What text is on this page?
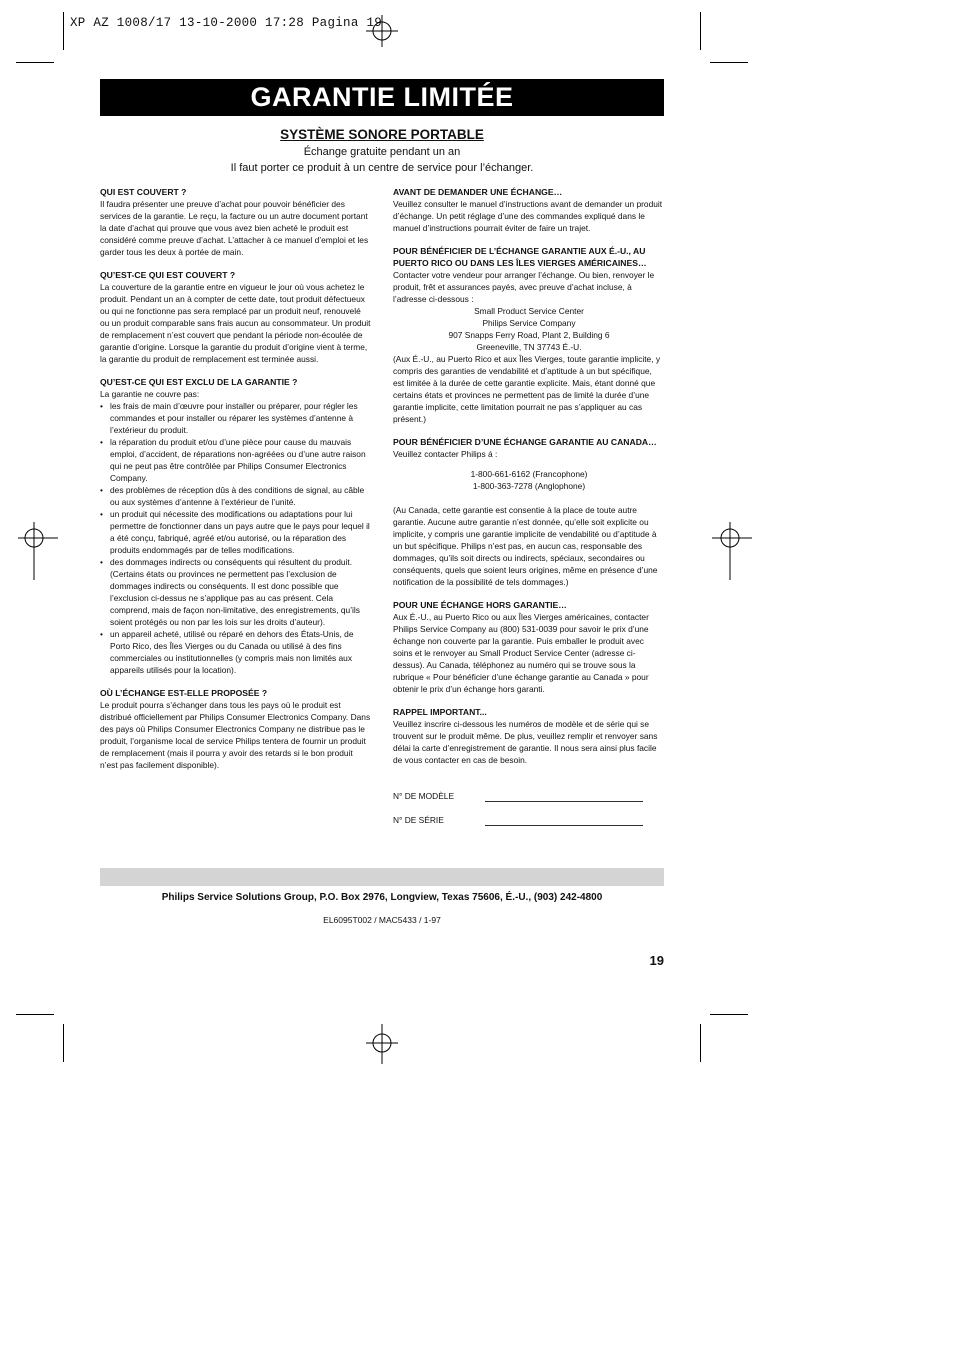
XP AZ 1008/17 13-10-2000 17:28 Pagina 19
GARANTIE LIMITÉE
SYSTÈME SONORE PORTABLE
Échange gratuite pendant un an
Il faut porter ce produit à un centre de service pour l’échanger.
QUI EST COUVERT ?

Il faudra présenter une preuve d’achat pour pouvoir bénéficier des services de la garantie. Le reçu, la facture ou un autre document portant la date d’achat qui prouve que vous avez bien acheté le produit est considéré comme preuve d’achat. L’attacher à ce manuel d’emploi et les garder tous les deux à portée de main.

QU’EST-CE QUI EST COUVERT ?

La couverture de la garantie entre en vigueur le jour où vous achetez le produit. Pendant un an à compter de cette date, tout produit défectueux ou qui ne fonctionne pas sera remplacé par un produit neuf, renouvelé ou un produit comparable sans frais aucun au consommateur. Un produit de remplacement n’est couvert que pendant la période non-écoulée de garantie d’origine. Lorsque la garantie du produit d’origine vient à terme, la garantie du produit de remplacement est terminée aussi.

QU’EST-CE QUI EST EXCLU DE LA GARANTIE ?

La garantie ne couvre pas:

• les frais de main d’œuvre pour installer ou préparer, pour régler les commandes et pour installer ou réparer les systèmes d’antenne à l’extérieur du produit.
• la réparation du produit et/ou d’une pièce pour cause du mauvais emploi, d’accident, de réparations non-agréées ou d’une autre raison qui ne peut pas être contrôlée par Philips Consumer Electronics Company.
• des problèmes de réception dûs à des conditions de signal, au câble ou aux systèmes d’antenne à l’extérieur de l’unité.
• un produit qui nécessite des modifications ou adaptations pour lui permettre de fonctionner dans un pays autre que le pays pour lequel il a été conçu, fabriqué, agréé et/ou autorisé, ou la réparation des produits endommagés par de telles modifications.
• des dommages indirects ou conséquents qui résultent du produit. (Certains états ou provinces ne permettent pas l’exclusion de dommages indirects ou conséquents. Il est donc possible que l’exclusion ci-dessus ne s’applique pas au cas présent. Cela comprend, mais de façon non-limitative, des enregistrements, qu’ils soient protégés ou non par les lois sur les droits d’auteur).
• un appareil acheté, utilisé ou réparé en dehors des États-Unis, de Porto Rico, des Îles Vierges ou du Canada ou utilisé à des fins commerciales ou institutionnelles (y compris mais non limités aux appareils utilisés pour la location).
OÙ L’ÉCHANGE EST-ELLE PROPOSÉE ?

Le produit pourra s’échanger dans tous les pays où le produit est distribué officiellement par Philips Consumer Electronics Company. Dans des pays où Philips Consumer Electronics Company ne distribue pas le produit, l’organisme local de service Philips tentera de fournir un produit de remplacement (mais il pourra y avoir des retards si le bon produit n’est pas facilement disponible).

AVANT DE DEMANDER UNE ÉCHANGE…

Veuillez consulter le manuel d’instructions avant de demander un produit d’échange. Un petit réglage d’une des commandes expliqué dans le manuel d’instructions pourrait éviter de faire un trajet.

POUR BÉNÉFICIER DE L’ÉCHANGE GARANTIE AUX É.-U., AU PUERTO RICO OU DANS LES ÎLES VIERGES AMÉRICAINES…

Contacter votre vendeur pour arranger l’échange. Ou bien, renvoyer le produit, frêt et assurances payés, avec preuve d’achat incluse, à l’adresse ci-dessous :

Small Product Service Center
Philips Service Company
907 Snapps Ferry Road, Plant 2, Building 6
Greeneville, TN 37743 É.-U.

(Aux É.-U., au Puerto Rico et aux Îles Vierges, toute garantie implicite, y compris des garanties de vendabilité et d’aptitude à un but spécifique, est limitée à la durée de cette garantie explicite. Mais, étant donné que certains états et provinces ne permettent pas de limité la durée d’une garantie implicite, cette limitation pourrait ne pas s’appliquer au cas présent.)

POUR BÉNÉFICIER D’UNE ÉCHANGE GARANTIE AU CANADA…

Veuillez contacter Philips á :

1-800-661-6162 (Francophone)
1-800-363-7278 (Anglophone)

(Au Canada, cette garantie est consentie à la place de toute autre garantie. Aucune autre garantie n’est donnée, qu’elle soit explicite ou implicite, y compris une garantie implicite de vendabilité ou d’aptitude à un but spécifique. Philips n’est pas, en aucun cas, responsable des dommages, qu’ils soit directs ou indirects, spéciaux, secondaires ou conséquents, quels que soient leurs origines, même en présence d’une notification de la possibilité de tels dommages.)

POUR UNE ÉCHANGE HORS GARANTIE…

Aux É.-U., au Puerto Rico ou aux Îles Vierges américaines, contacter Philips Service Company au (800) 531-0039 pour savoir le prix d’une échange non couverte par la garantie. Puis emballer le produit avec soins et le renvoyer au Small Product Service Center (adresse ci-dessus). Au Canada, téléphonez au numéro qui se trouve sous la rubrique « Pour bénéficier d’une échange garantie au Canada » pour obtenir le prix d’un échange hors garanti.

RAPPEL IMPORTANT...

Veuillez inscrire ci-dessous les numéros de modèle et de série qui se trouvent sur le produit même. De plus, veuillez remplir et renvoyer sans délai la carte d’enregistrement de garantie. Il nous sera ainsi plus facile de vous contacter en cas de besoin.

N° DE MODÈLE
N° DE SÉRIE
Philips Service Solutions Group, P.O. Box 2976, Longview, Texas 75606, É.-U., (903) 242-4800
EL6095T002 / MAC5433 / 1-97
19
